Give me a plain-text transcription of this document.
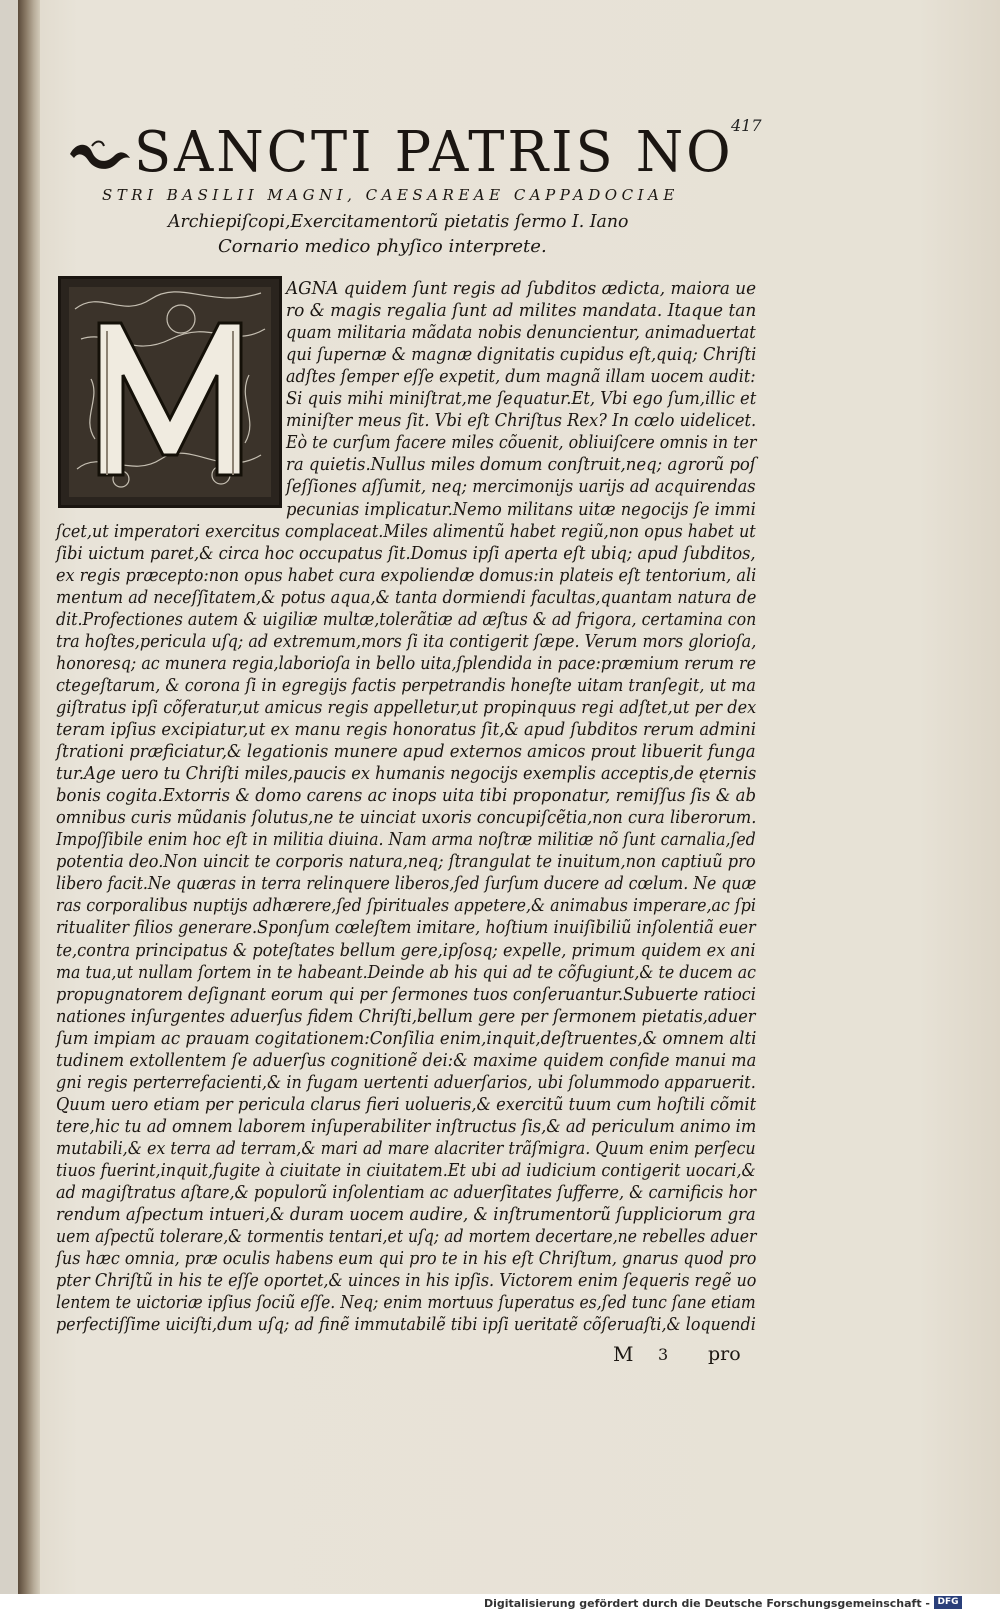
417
SANCTI PATRIS NO
STRI BASILII MAGNI, CAESAREAE CAPPADOCIAE
Archiepiſcopi,Exercitamentorũ pietatis ſermo I. Iano
Cornario medico phyſico interprete.
AGNA quidem ſunt regis ad ſubditos ædicta, maiora ue
ro & magis regalia ſunt ad milites mandata. Itaque tan
quam militaria mãdata nobis denuncientur, animaduertat
qui ſupernæ & magnæ dignitatis cupidus eſt,quiq; Chriſti
adſtes ſemper eſſe expetit, dum magnã illam uocem audit:
Si quis mihi miniſtrat,me ſequatur.Et, Vbi ego ſum,illic et
miniſter meus ſit. Vbi eſt Chriſtus Rex? In cœlo uidelicet.
Eò te curſum facere miles cõuenit, obliuiſcere omnis in ter
ra quietis.Nullus miles domum conſtruit,neq; agrorũ poſ
ſeſſiones aſſumit, neq; mercimonijs uarijs ad acquirendas
pecunias implicatur.Nemo militans uitæ negocijs ſe immi
ſcet,ut imperatori exercitus complaceat.Miles alimentũ habet regiũ,non opus habet ut
ſibi uictum paret,& circa hoc occupatus ſit.Domus ipſi aperta eſt ubiq; apud ſubditos,
ex regis præcepto:non opus habet cura expoliendæ domus:in plateis eſt tentorium, ali
mentum ad neceſſitatem,& potus aqua,& tanta dormiendi facultas,quantam natura de
dit.Profectiones autem & uigiliæ multæ,tolerãtiæ ad æſtus & ad frigora, certamina con
tra hoſtes,pericula uſq; ad extremum,mors ſi ita contigerit ſæpe. Verum mors glorioſa,
honoresq; ac munera regia,laborioſa in bello uita,ſplendida in pace:præmium rerum re
ctegeſtarum, & corona ſi in egregijs factis perpetrandis honeſte uitam tranſegit, ut ma
giſtratus ipſi cõferatur,ut amicus regis appelletur,ut propinquus regi adſtet,ut per dex
teram ipſius excipiatur,ut ex manu regis honoratus ſit,& apud ſubditos rerum admini
ſtrationi præficiatur,& legationis munere apud externos amicos prout libuerit funga
tur.Age uero tu Chriſti miles,paucis ex humanis negocijs exemplis acceptis,de ęternis
bonis cogita.Extorris & domo carens ac inops uita tibi proponatur, remiſſus ſis & ab
omnibus curis mũdanis ſolutus,ne te uinciat uxoris concupiſcẽtia,non cura liberorum.
Impoſſibile enim hoc eſt in militia diuina. Nam arma noſtræ militiæ nõ ſunt carnalia,ſed
potentia deo.Non uincit te corporis natura,neq; ſtrangulat te inuitum,non captiuũ pro
libero facit.Ne quæras in terra relinquere liberos,ſed ſurſum ducere ad cœlum. Ne quæ
ras corporalibus nuptijs adhærere,ſed ſpirituales appetere,& animabus imperare,ac ſpi
ritualiter filios generare.Sponſum cœleſtem imitare, hoſtium inuiſibiliũ inſolentiã euer
te,contra principatus & poteſtates bellum gere,ipſosq; expelle, primum quidem ex ani
ma tua,ut nullam ſortem in te habeant.Deinde ab his qui ad te cõfugiunt,& te ducem ac
propugnatorem deſignant eorum qui per ſermones tuos conſeruantur.Subuerte ratioci
nationes inſurgentes aduerſus fidem Chriſti,bellum gere per ſermonem pietatis,aduer
ſum impiam ac prauam cogitationem:Conſilia enim,inquit,deſtruentes,& omnem alti
tudinem extollentem ſe aduerſus cognitionẽ dei:& maxime quidem confide manui ma
gni regis perterrefacienti,& in fugam uertenti aduerſarios, ubi ſolummodo apparuerit.
Quum uero etiam per pericula clarus fieri uolueris,& exercitũ tuum cum hoſtili cõmit
tere,hic tu ad omnem laborem inſuperabiliter inſtructus ſis,& ad periculum animo im
mutabili,& ex terra ad terram,& mari ad mare alacriter trãſmigra. Quum enim perſecu
tiuos fuerint,inquit,fugite à ciuitate in ciuitatem.Et ubi ad iudicium contigerit uocari,&
ad magiſtratus aſtare,& populorũ inſolentiam ac aduerſitates ſufferre, & carnificis hor
rendum aſpectum intueri,& duram uocem audire, & inſtrumentorũ ſuppliciorum gra
uem aſpectũ tolerare,& tormentis tentari,et uſq; ad mortem decertare,ne rebelles aduer
ſus hæc omnia, præ oculis habens eum qui pro te in his eſt Chriſtum, gnarus quod pro
pter Chriſtũ in his te eſſe oportet,& uinces in his ipſis. Victorem enim ſequeris regẽ uo
lentem te uictoriæ ipſius ſociũ eſſe. Neq; enim mortuus ſuperatus es,ſed tunc ſane etiam
perfectiſſime uiciſti,dum uſq; ad finẽ immutabilẽ tibi ipſi ueritatẽ cõſeruaſti,& loquendi
M 3 pro
Digitalisierung gefördert durch die Deutsche Forschungsgemeinschaft - DFG
